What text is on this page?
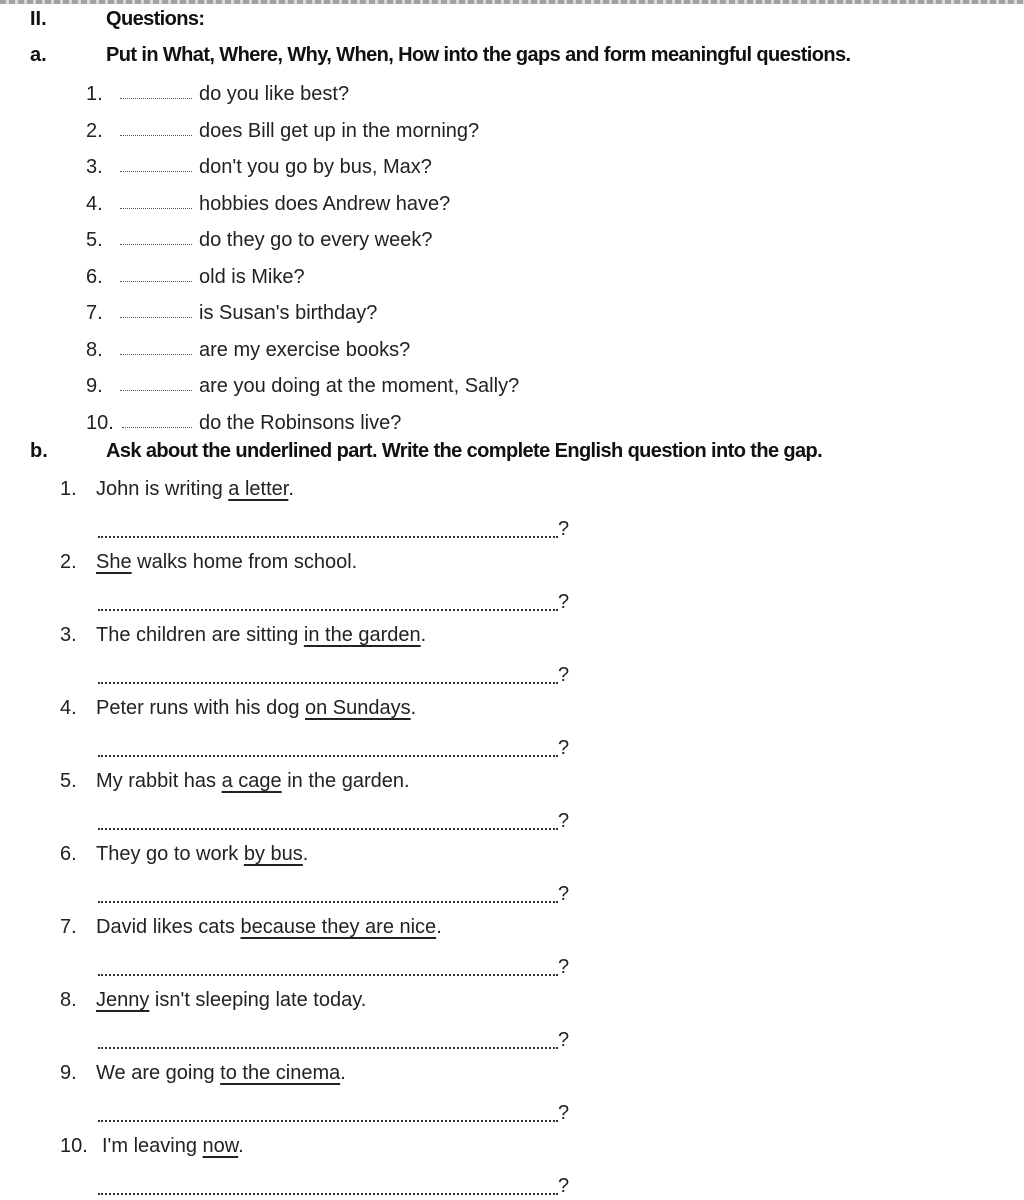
II.	Questions:
a.	Put in What, Where, Why, When, How into the gaps and form meaningful questions.
1.	do you like best?
2.	does Bill get up in the morning?
3.	don't you go by bus, Max?
4.	hobbies does Andrew have?
5.	do they go to every week?
6.	old is Mike?
7.	is Susan's birthday?
8.	are my exercise books?
9.	are you doing at the moment, Sally?
10.	do the Robinsons live?
b.	Ask about the underlined part. Write the complete English question into the gap.
1. John is writing a letter.
?
2. She walks home from school.
?
3. The children are sitting in the garden.
?
4. Peter runs with his dog on Sundays.
?
5. My rabbit has a cage in the garden.
?
6. They go to work by bus.
?
7. David likes cats because they are nice.
?
8. Jenny isn't sleeping late today.
?
9. We are going to the cinema.
?
10. I'm leaving now.
?
